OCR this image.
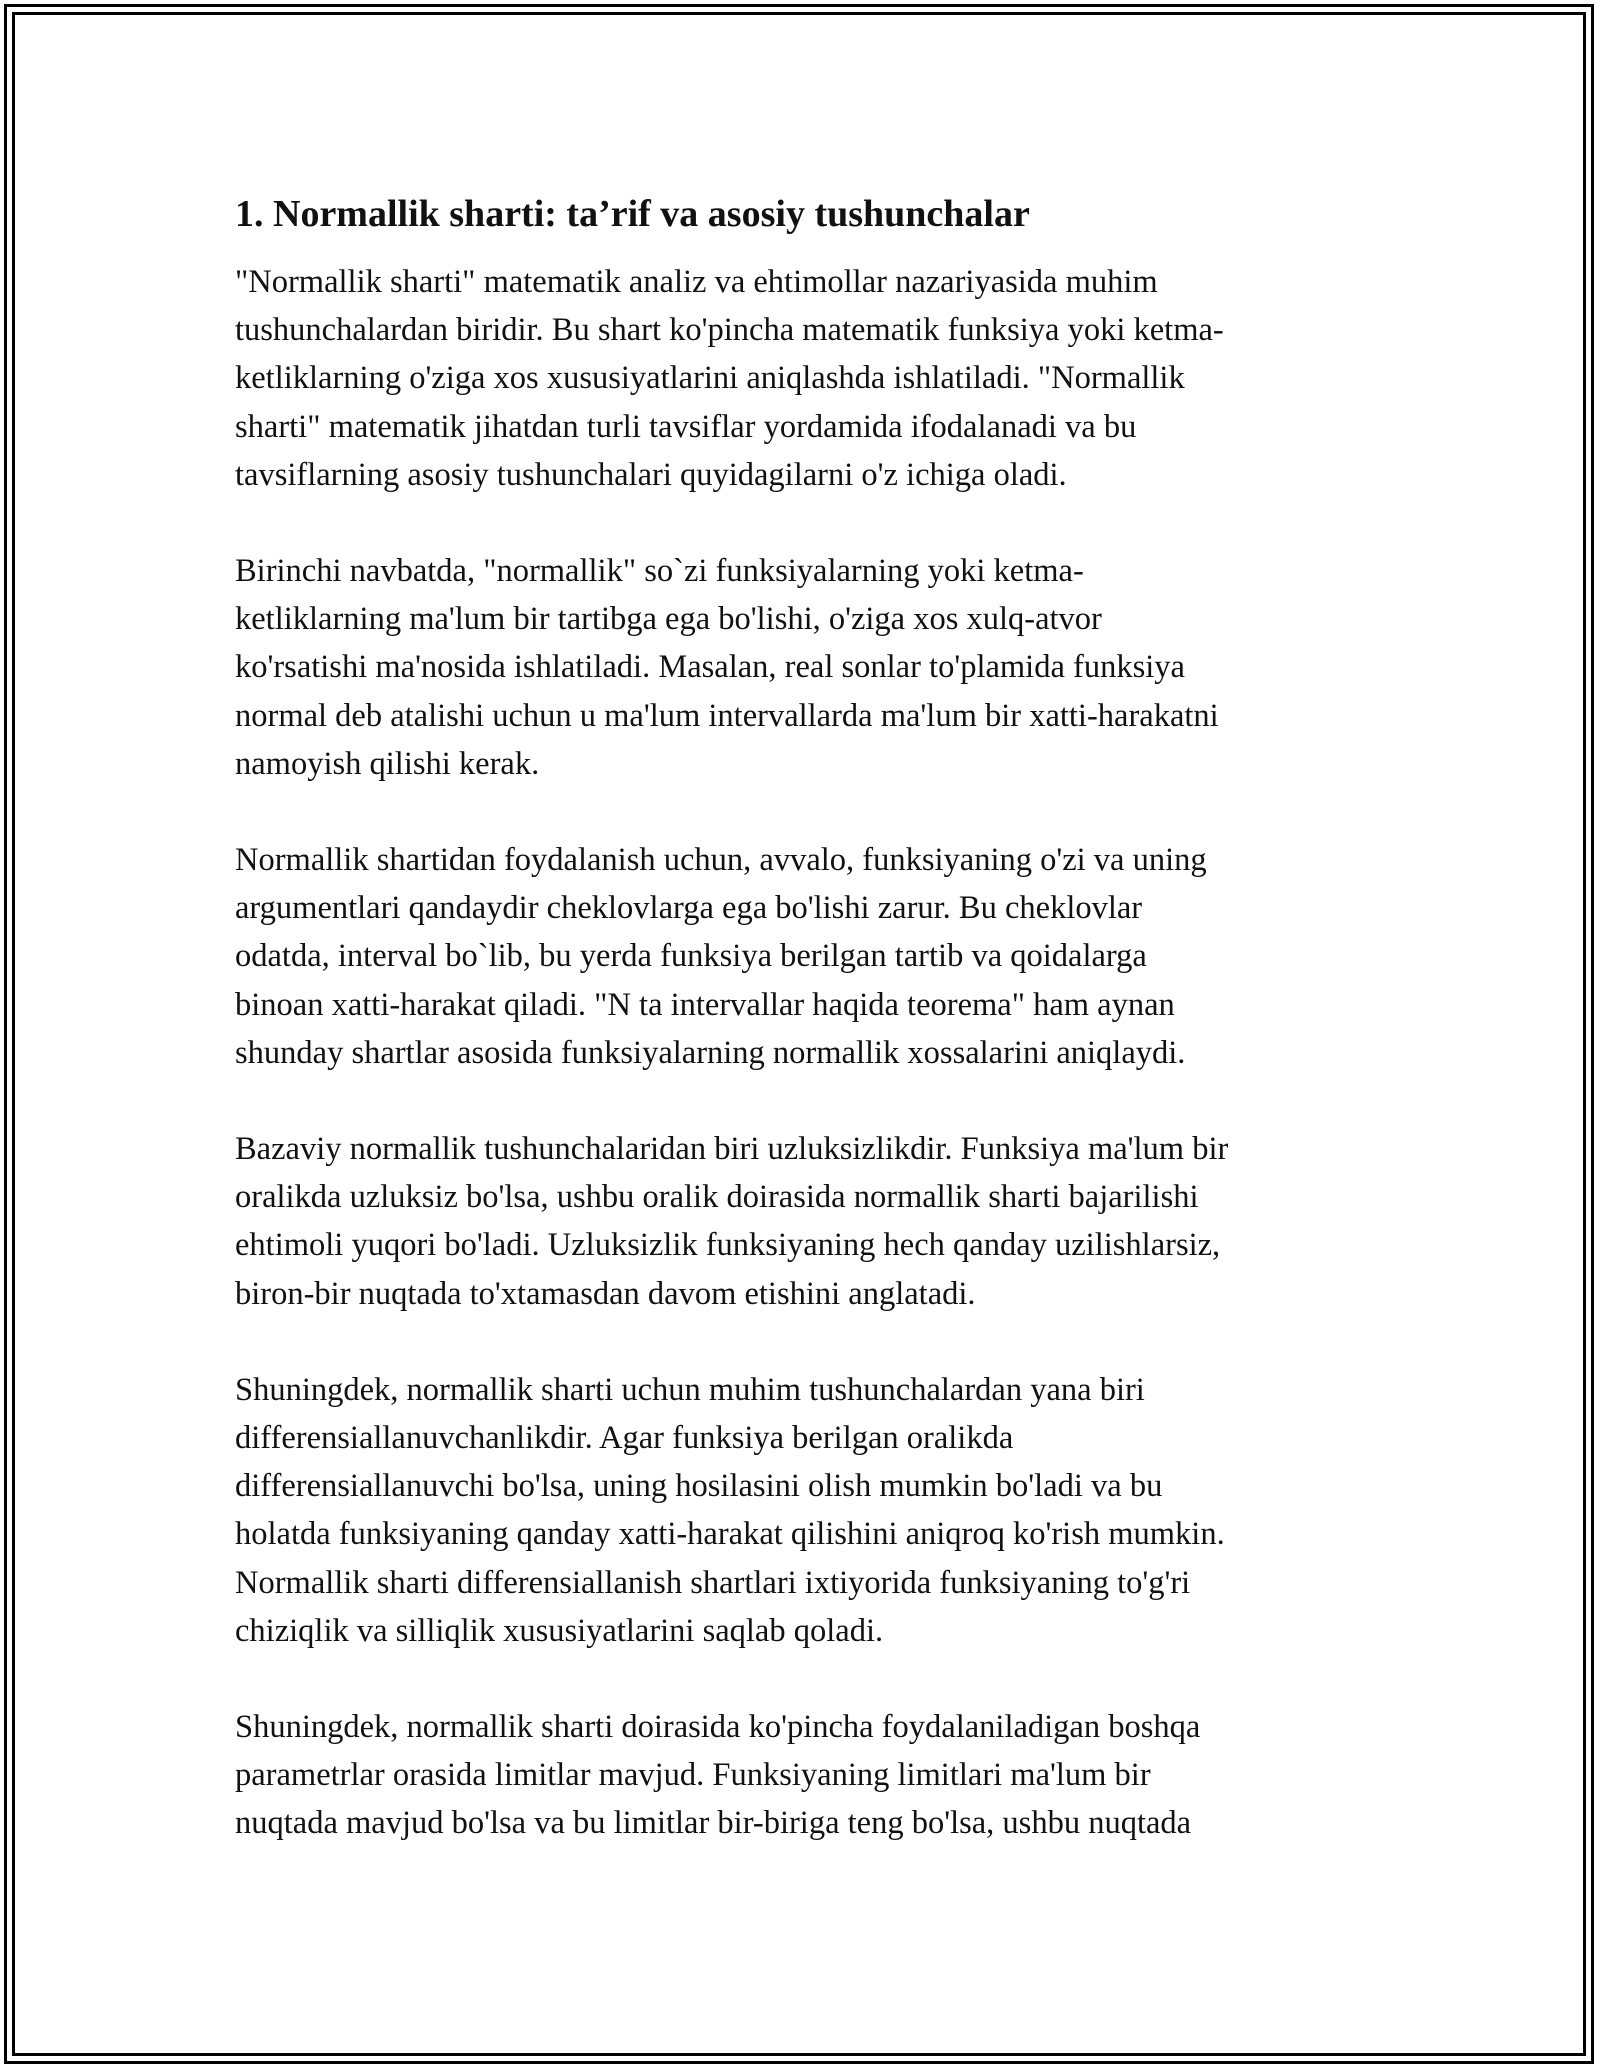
1. Normallik sharti: ta’rif va asosiy tushunchalar

"Normallik sharti" matematik analiz va ehtimollar nazariyasida muhim
tushunchalardan biridir. Bu shart ko'pincha matematik funksiya yoki ketma-
ketliklarning o'ziga xos xususiyatlarini aniqlashda ishlatiladi. "Normallik
sharti" matematik jihatdan turli tavsiflar yordamida ifodalanadi va bu
tavsiflarning asosiy tushunchalari quyidagilarni o'z ichiga oladi.

Birinchi navbatda, "normallik" so`zi funksiyalarning yoki ketma-
ketliklarning ma'lum bir tartibga ega bo'lishi, o'ziga xos xulq-atvor
ko'rsatishi ma'nosida ishlatiladi. Masalan, real sonlar to'plamida funksiya
normal deb atalishi uchun u ma'lum intervallarda ma'lum bir xatti-harakatni
namoyish qilishi kerak.

Normallik shartidan foydalanish uchun, avvalo, funksiyaning o'zi va uning
argumentlari qandaydir cheklovlarga ega bo'lishi zarur. Bu cheklovlar
odatda, interval bo`lib, bu yerda funksiya berilgan tartib va qoidalarga
binoan xatti-harakat qiladi. "N ta intervallar haqida teorema" ham aynan
shunday shartlar asosida funksiyalarning normallik xossalarini aniqlaydi.

Bazaviy normallik tushunchalaridan biri uzluksizlikdir. Funksiya ma'lum bir
oralikda uzluksiz bo'lsa, ushbu oralik doirasida normallik sharti bajarilishi
ehtimoli yuqori bo'ladi. Uzluksizlik funksiyaning hech qanday uzilishlarsiz,
biron-bir nuqtada to'xtamasdan davom etishini anglatadi.

Shuningdek, normallik sharti uchun muhim tushunchalardan yana biri
differensiallanuvchanlikdir. Agar funksiya berilgan oralikda
differensiallanuvchi bo'lsa, uning hosilasini olish mumkin bo'ladi va bu
holatda funksiyaning qanday xatti-harakat qilishini aniqroq ko'rish mumkin.
Normallik sharti differensiallanish shartlari ixtiyorida funksiyaning to'g'ri
chiziqlik va silliqlik xususiyatlarini saqlab qoladi.

Shuningdek, normallik sharti doirasida ko'pincha foydalaniladigan boshqa
parametrlar orasida limitlar mavjud. Funksiyaning limitlari ma'lum bir
nuqtada mavjud bo'lsa va bu limitlar bir-biriga teng bo'lsa, ushbu nuqtada
